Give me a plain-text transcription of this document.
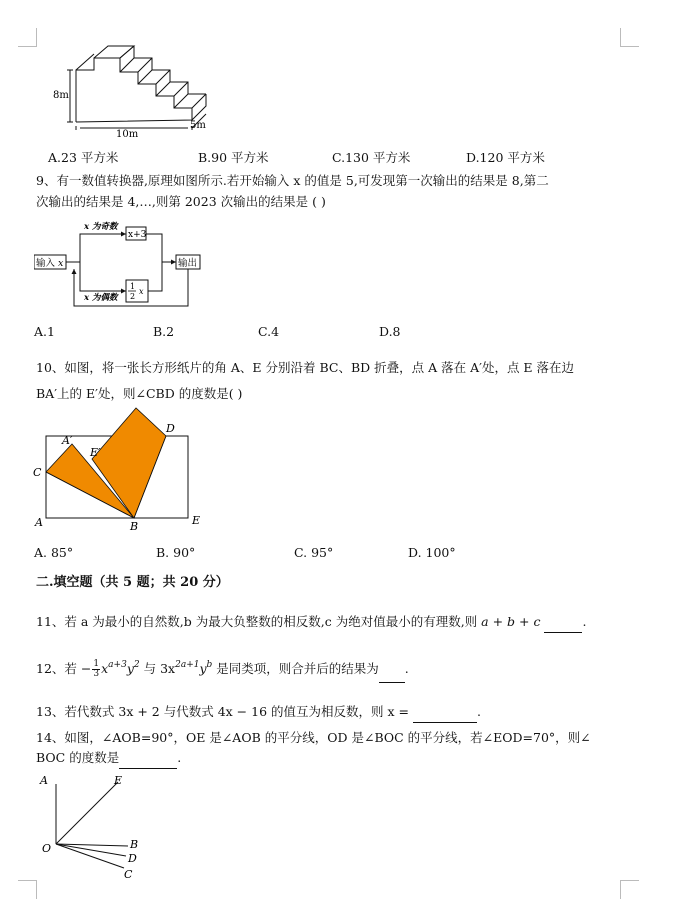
8m
10m
5m
A.23 平方米	B.90 平方米	C.130 平方米	D.120 平方米
9、有一数值转换器,原理如图所示.若开始输入 x 的值是 5,可发现第一次输出的结果是 8,第二
次输出的结果是 4,…,则第 2023 次输出的结果是 ( )
输入 x
x 为奇数
x+3
x 为偶数
1
2
x
输出
A.1	B.2	C.4	D.8
10、如图，将一张长方形纸片的角 A、E 分别沿着 BC、BD 折叠，点 A 落在 A′处，点 E 落在边
BA′上的 E′处，则∠CBD 的度数是( )
A′
E′
C
D
A	B	E
A. 85°	B. 90°	C. 95°	D. 100°
二.填空题（共 5 题；共 20 分）
11、若 a 为最小的自然数,b 为最大负整数的相反数,c 为绝对值最小的有理数,则 a + b + c	.
12、若 − $\frac{1}{3} x^{a+3}y^2$ 与 $3x^{2a+1}y^b$ 是同类项，则合并后的结果为 .
13、若代数式 3x + 2 与代数式 4x − 16 的值互为相反数，则 x =	.
14、如图，∠AOB=90°，OE 是∠AOB 的平分线，OD 是∠BOC 的平分线，若∠EOD=70°，则∠
BOC 的度数是	.
A	E
O	B
D
C
